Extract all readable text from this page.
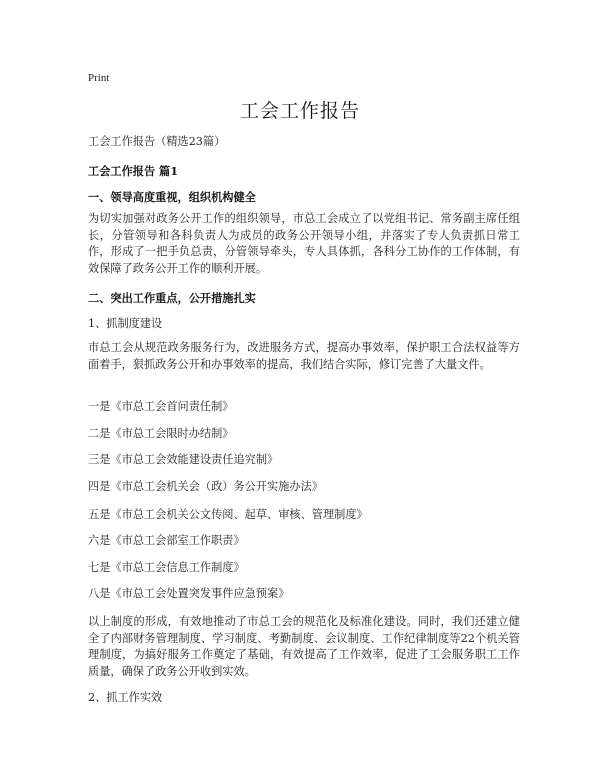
Print
工会工作报告
工会工作报告（精选23篇）
工会工作报告 篇1
一、领导高度重视，组织机构健全
为切实加强对政务公开工作的组织领导，市总工会成立了以党组书记、常务副主席任组长，分管领导和各科负责人为成员的政务公开领导小组，并落实了专人负责抓日常工作，形成了一把手负总责，分管领导牵头，专人具体抓，各科分工协作的工作体制，有效保障了政务公开工作的顺利开展。
二、突出工作重点，公开措施扎实
1、抓制度建设
市总工会从规范政务服务行为，改进服务方式，提高办事效率，保护职工合法权益等方面着手，狠抓政务公开和办事效率的提高，我们结合实际，修订完善了大量文件。
一是《市总工会首问责任制》
二是《市总工会限时办结制》
三是《市总工会效能建设责任追究制》
四是《市总工会机关会（政）务公开实施办法》
五是《市总工会机关公文传阅、起草、审核、管理制度》
六是《市总工会部室工作职责》
七是《市总工会信息工作制度》
八是《市总工会处置突发事件应急预案》
以上制度的形成，有效地推动了市总工会的规范化及标准化建设。同时，我们还建立健全了内部财务管理制度、学习制度、考勤制度、会议制度、工作纪律制度等22个机关管理制度，为搞好服务工作奠定了基础，有效提高了工作效率，促进了工会服务职工工作质量，确保了政务公开收到实效。
2、抓工作实效
